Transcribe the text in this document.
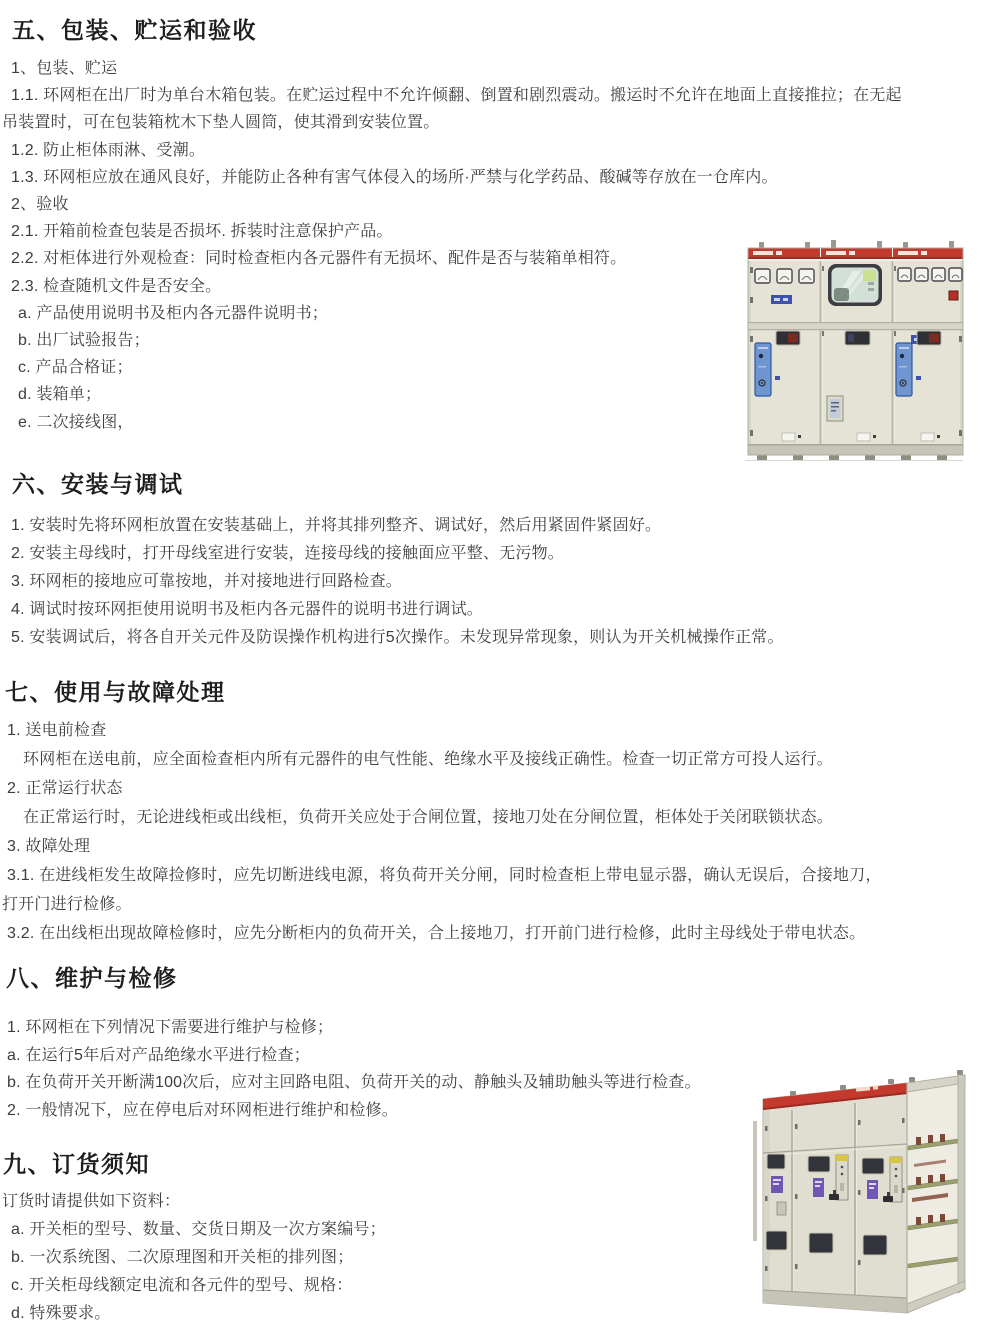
五、包装、贮运和验收
1、包装、贮运
1.1. 环网柜在出厂时为单台木箱包装。在贮运过程中不允许倾翻、倒置和剧烈震动。搬运时不允许在地面上直接推拉；在无起
吊装置时，可在包装箱枕木下垫人圆筒，使其滑到安装位置。
1.2. 防止柜体雨淋、受潮。
1.3. 环网柜应放在通风良好，并能防止各种有害气体侵入的场所·严禁与化学药品、酸碱等存放在一仓库内。
2、验收
2.1. 开箱前检查包装是否损坏. 拆装时注意保护产品。
2.2. 对柜体进行外观检查：同时检查柜内各元器件有无损坏、配件是否与装箱单相符。
2.3. 检查随机文件是否安全。
a. 产品使用说明书及柜内各元器件说明书；
b. 出厂试验报告；
c. 产品合格证；
d. 装箱单；
e. 二次接线图，
六、安装与调试
1. 安装时先将环网柜放置在安装基础上，并将其排列整齐、调试好，然后用紧固件紧固好。
2. 安装主母线时，打开母线室进行安装，连接母线的接触面应平整、无污物。
3. 环网柜的接地应可靠按地，并对接地进行回路检查。
4. 调试时按环网拒使用说明书及柜内各元器件的说明书进行调试。
5. 安装调试后，将各自开关元件及防误操作机构进行5次操作。未发现异常现象，则认为开关机械操作正常。
七、使用与故障处理
1. 送电前检查
环网柜在送电前，应全面检查柜内所有元器件的电气性能、绝缘水平及接线正确性。检查一切正常方可投人运行。
2. 正常运行状态
在正常运行时，无论进线柜或出线柜，负荷开关应处于合闸位置，接地刀处在分闸位置，柜体处于关闭联锁状态。
3. 故障处理
3.1. 在进线柜发生故障捡修时，应先切断进线电源，将负荷开关分闸，同时检查柜上带电显示器，确认无误后，合接地刀，
打开门进行检修。
3.2. 在出线柜出现故障检修时，应先分断柜内的负荷开关，合上接地刀，打开前门进行检修，此时主母线处于带电状态。
八、维护与检修
1. 环网柜在下列情况下需要进行维护与检修；
a. 在运行5年后对产品绝缘水平进行检查；
b. 在负荷开关开断满100次后，应对主回路电阻、负荷开关的动、静触头及辅助触头等进行检查。
2. 一般情况下，应在停电后对环网柜进行维护和检修。
九、订货须知
订货时请提供如下资料：
a. 开关柜的型号、数量、交货日期及一次方案编号；
b. 一次系统图、二次原理图和开关柜的排列图；
c. 开关柜母线额定电流和各元件的型号、规格：
d. 特殊要求。
